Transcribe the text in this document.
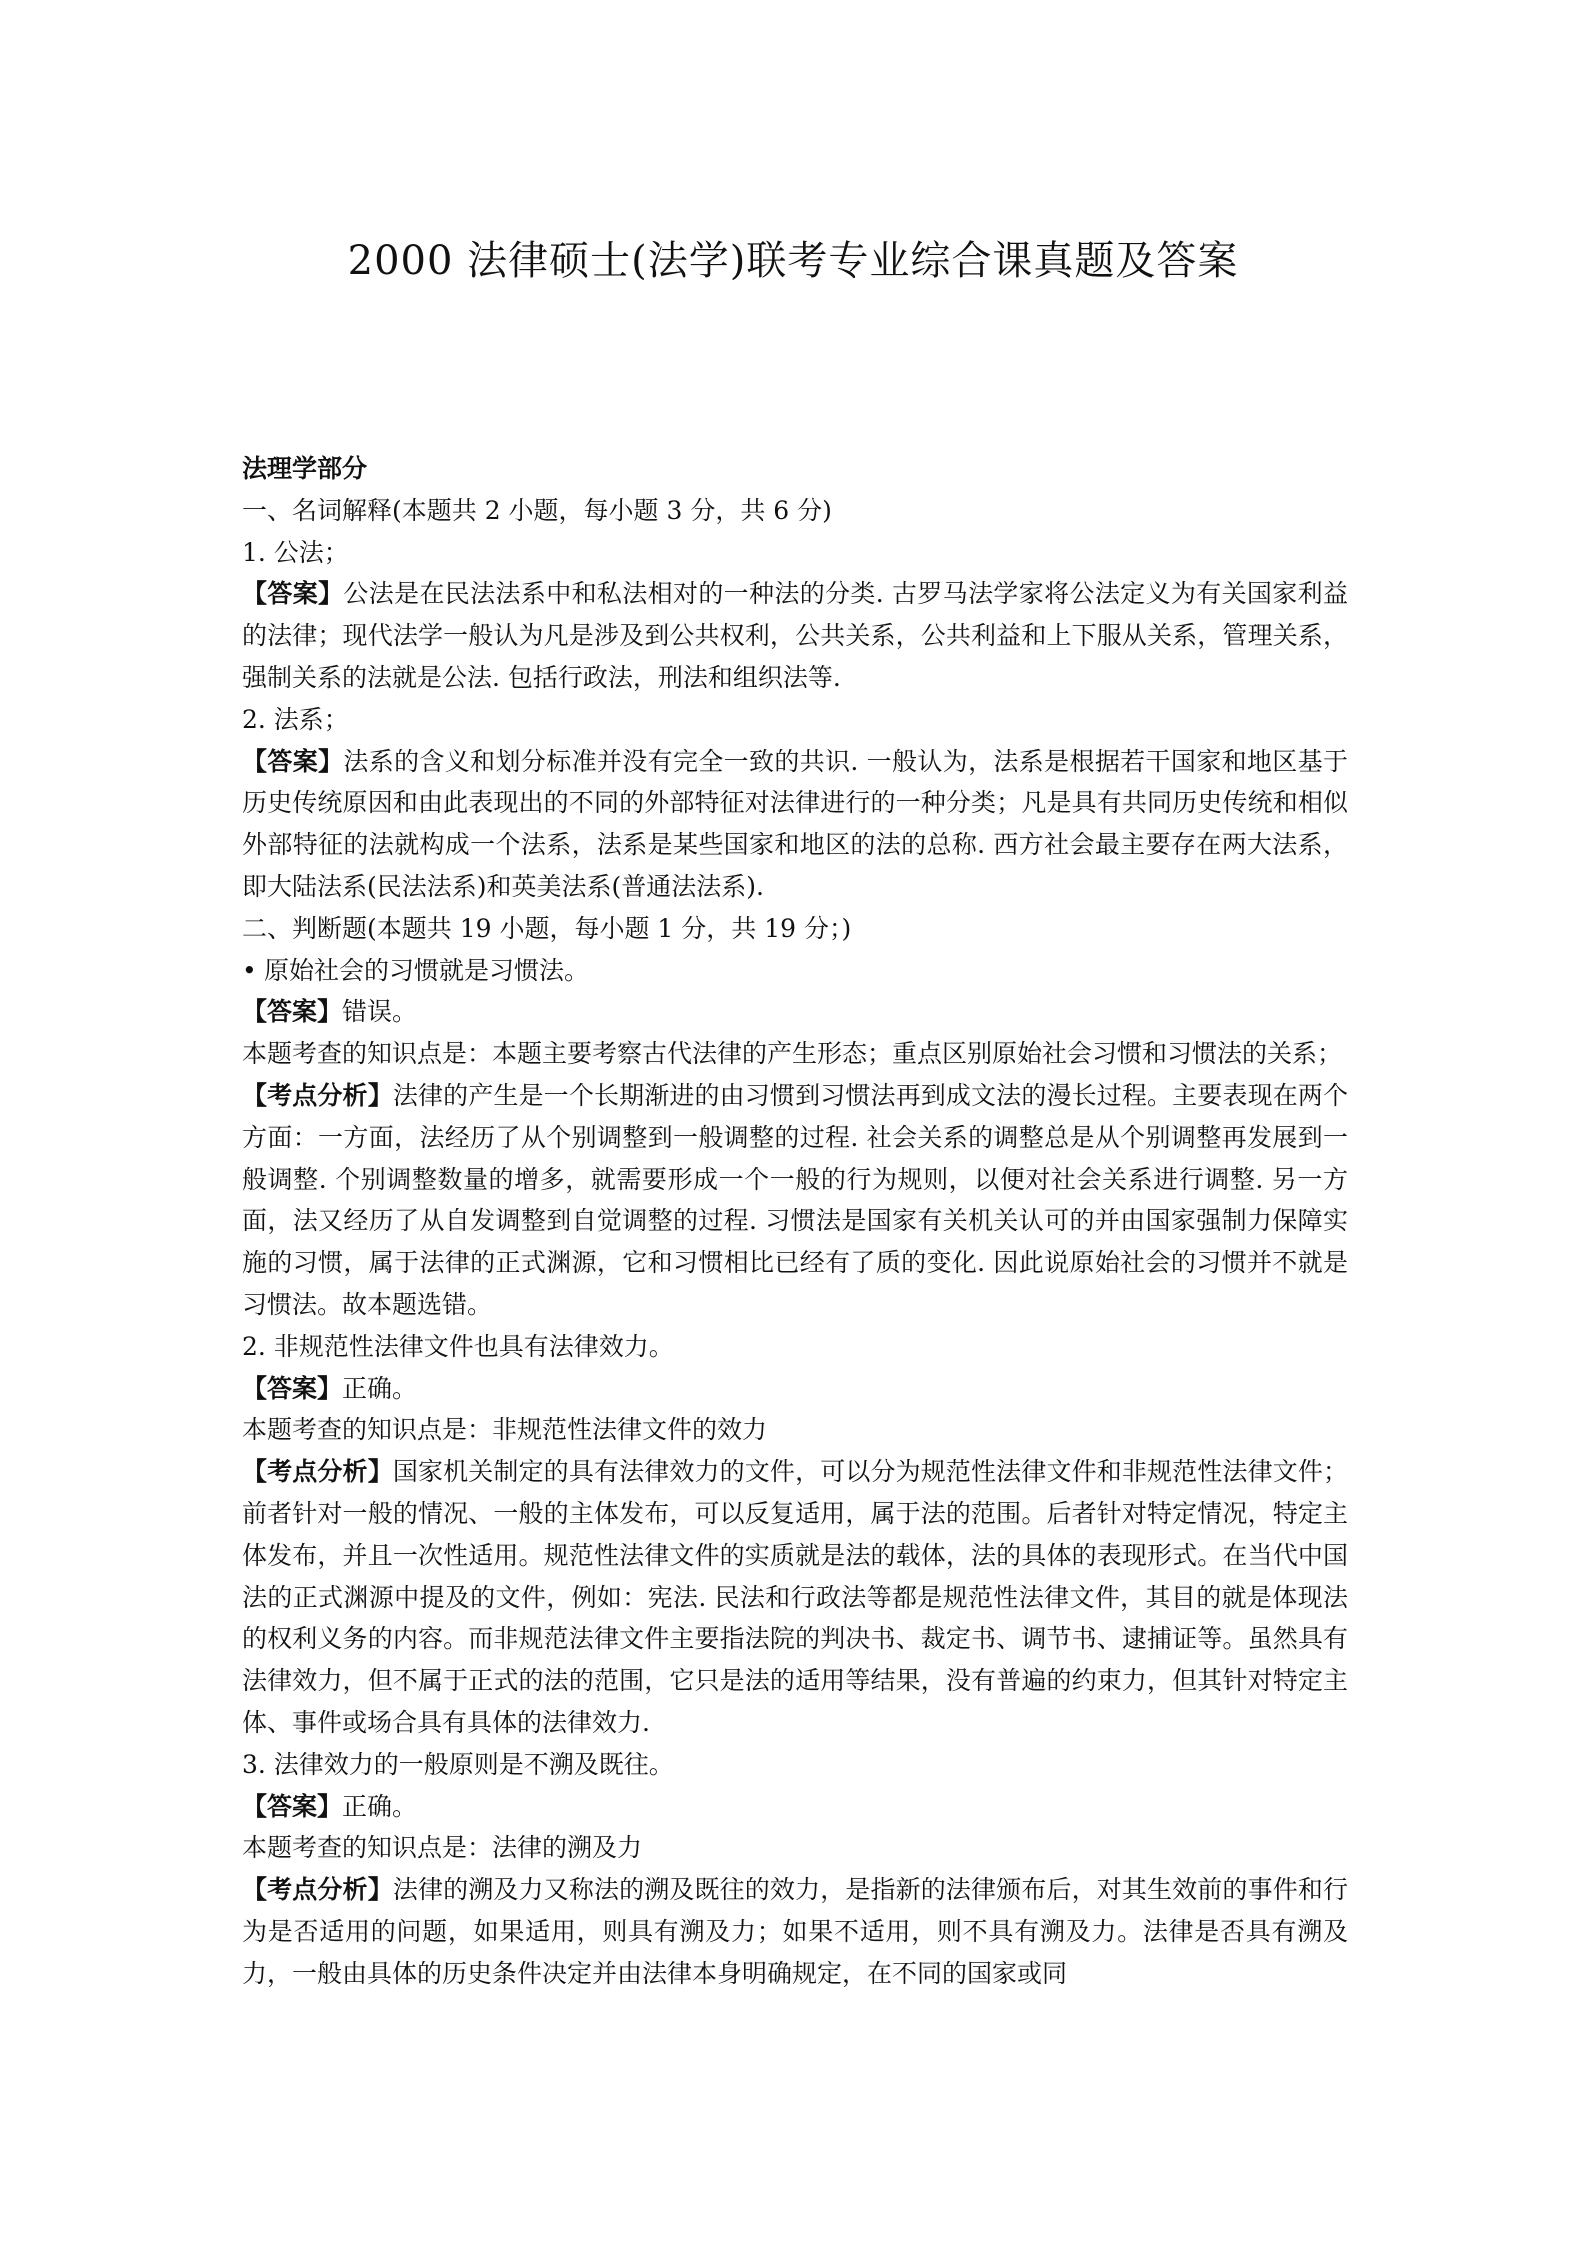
2000 法律硕士(法学)联考专业综合课真题及答案

法理学部分

一、名词解释(本题共 2 小题，每小题 3 分，共 6 分)

1. 公法；

【答案】公法是在民法法系中和私法相对的一种法的分类. 古罗马法学家将公法定义为有关国家利益的法律；现代法学一般认为凡是涉及到公共权利，公共关系，公共利益和上下服从关系，管理关系，强制关系的法就是公法. 包括行政法，刑法和组织法等.

2. 法系；

【答案】法系的含义和划分标准并没有完全一致的共识. 一般认为，法系是根据若干国家和地区基于历史传统原因和由此表现出的不同的外部特征对法律进行的一种分类；凡是具有共同历史传统和相似外部特征的法就构成一个法系，法系是某些国家和地区的法的总称. 西方社会最主要存在两大法系，即大陆法系(民法法系)和英美法系(普通法法系).

二、判断题(本题共 19 小题，每小题 1 分，共 19 分；)

• 原始社会的习惯就是习惯法。

【答案】错误。

本题考查的知识点是：本题主要考察古代法律的产生形态；重点区别原始社会习惯和习惯法的关系；

【考点分析】法律的产生是一个长期渐进的由习惯到习惯法再到成文法的漫长过程。主要表现在两个方面：一方面，法经历了从个别调整到一般调整的过程. 社会关系的调整总是从个别调整再发展到一般调整. 个别调整数量的增多，就需要形成一个一般的行为规则，以便对社会关系进行调整. 另一方面，法又经历了从自发调整到自觉调整的过程. 习惯法是国家有关机关认可的并由国家强制力保障实施的习惯，属于法律的正式渊源，它和习惯相比已经有了质的变化. 因此说原始社会的习惯并不就是习惯法。故本题选错。

2. 非规范性法律文件也具有法律效力。

【答案】正确。

本题考查的知识点是：非规范性法律文件的效力

【考点分析】国家机关制定的具有法律效力的文件，可以分为规范性法律文件和非规范性法律文件；前者针对一般的情况、一般的主体发布，可以反复适用，属于法的范围。后者针对特定情况，特定主体发布，并且一次性适用。规范性法律文件的实质就是法的载体，法的具体的表现形式。在当代中国法的正式渊源中提及的文件，例如：宪法. 民法和行政法等都是规范性法律文件，其目的就是体现法的权利义务的内容。而非规范法律文件主要指法院的判决书、裁定书、调节书、逮捕证等。虽然具有法律效力，但不属于正式的法的范围，它只是法的适用等结果，没有普遍的约束力，但其针对特定主体、事件或场合具有具体的法律效力.

3. 法律效力的一般原则是不溯及既往。

【答案】正确。

本题考查的知识点是：法律的溯及力

【考点分析】法律的溯及力又称法的溯及既往的效力，是指新的法律颁布后，对其生效前的事件和行为是否适用的问题，如果适用，则具有溯及力；如果不适用，则不具有溯及力。法律是否具有溯及力，一般由具体的历史条件决定并由法律本身明确规定，在不同的国家或同
